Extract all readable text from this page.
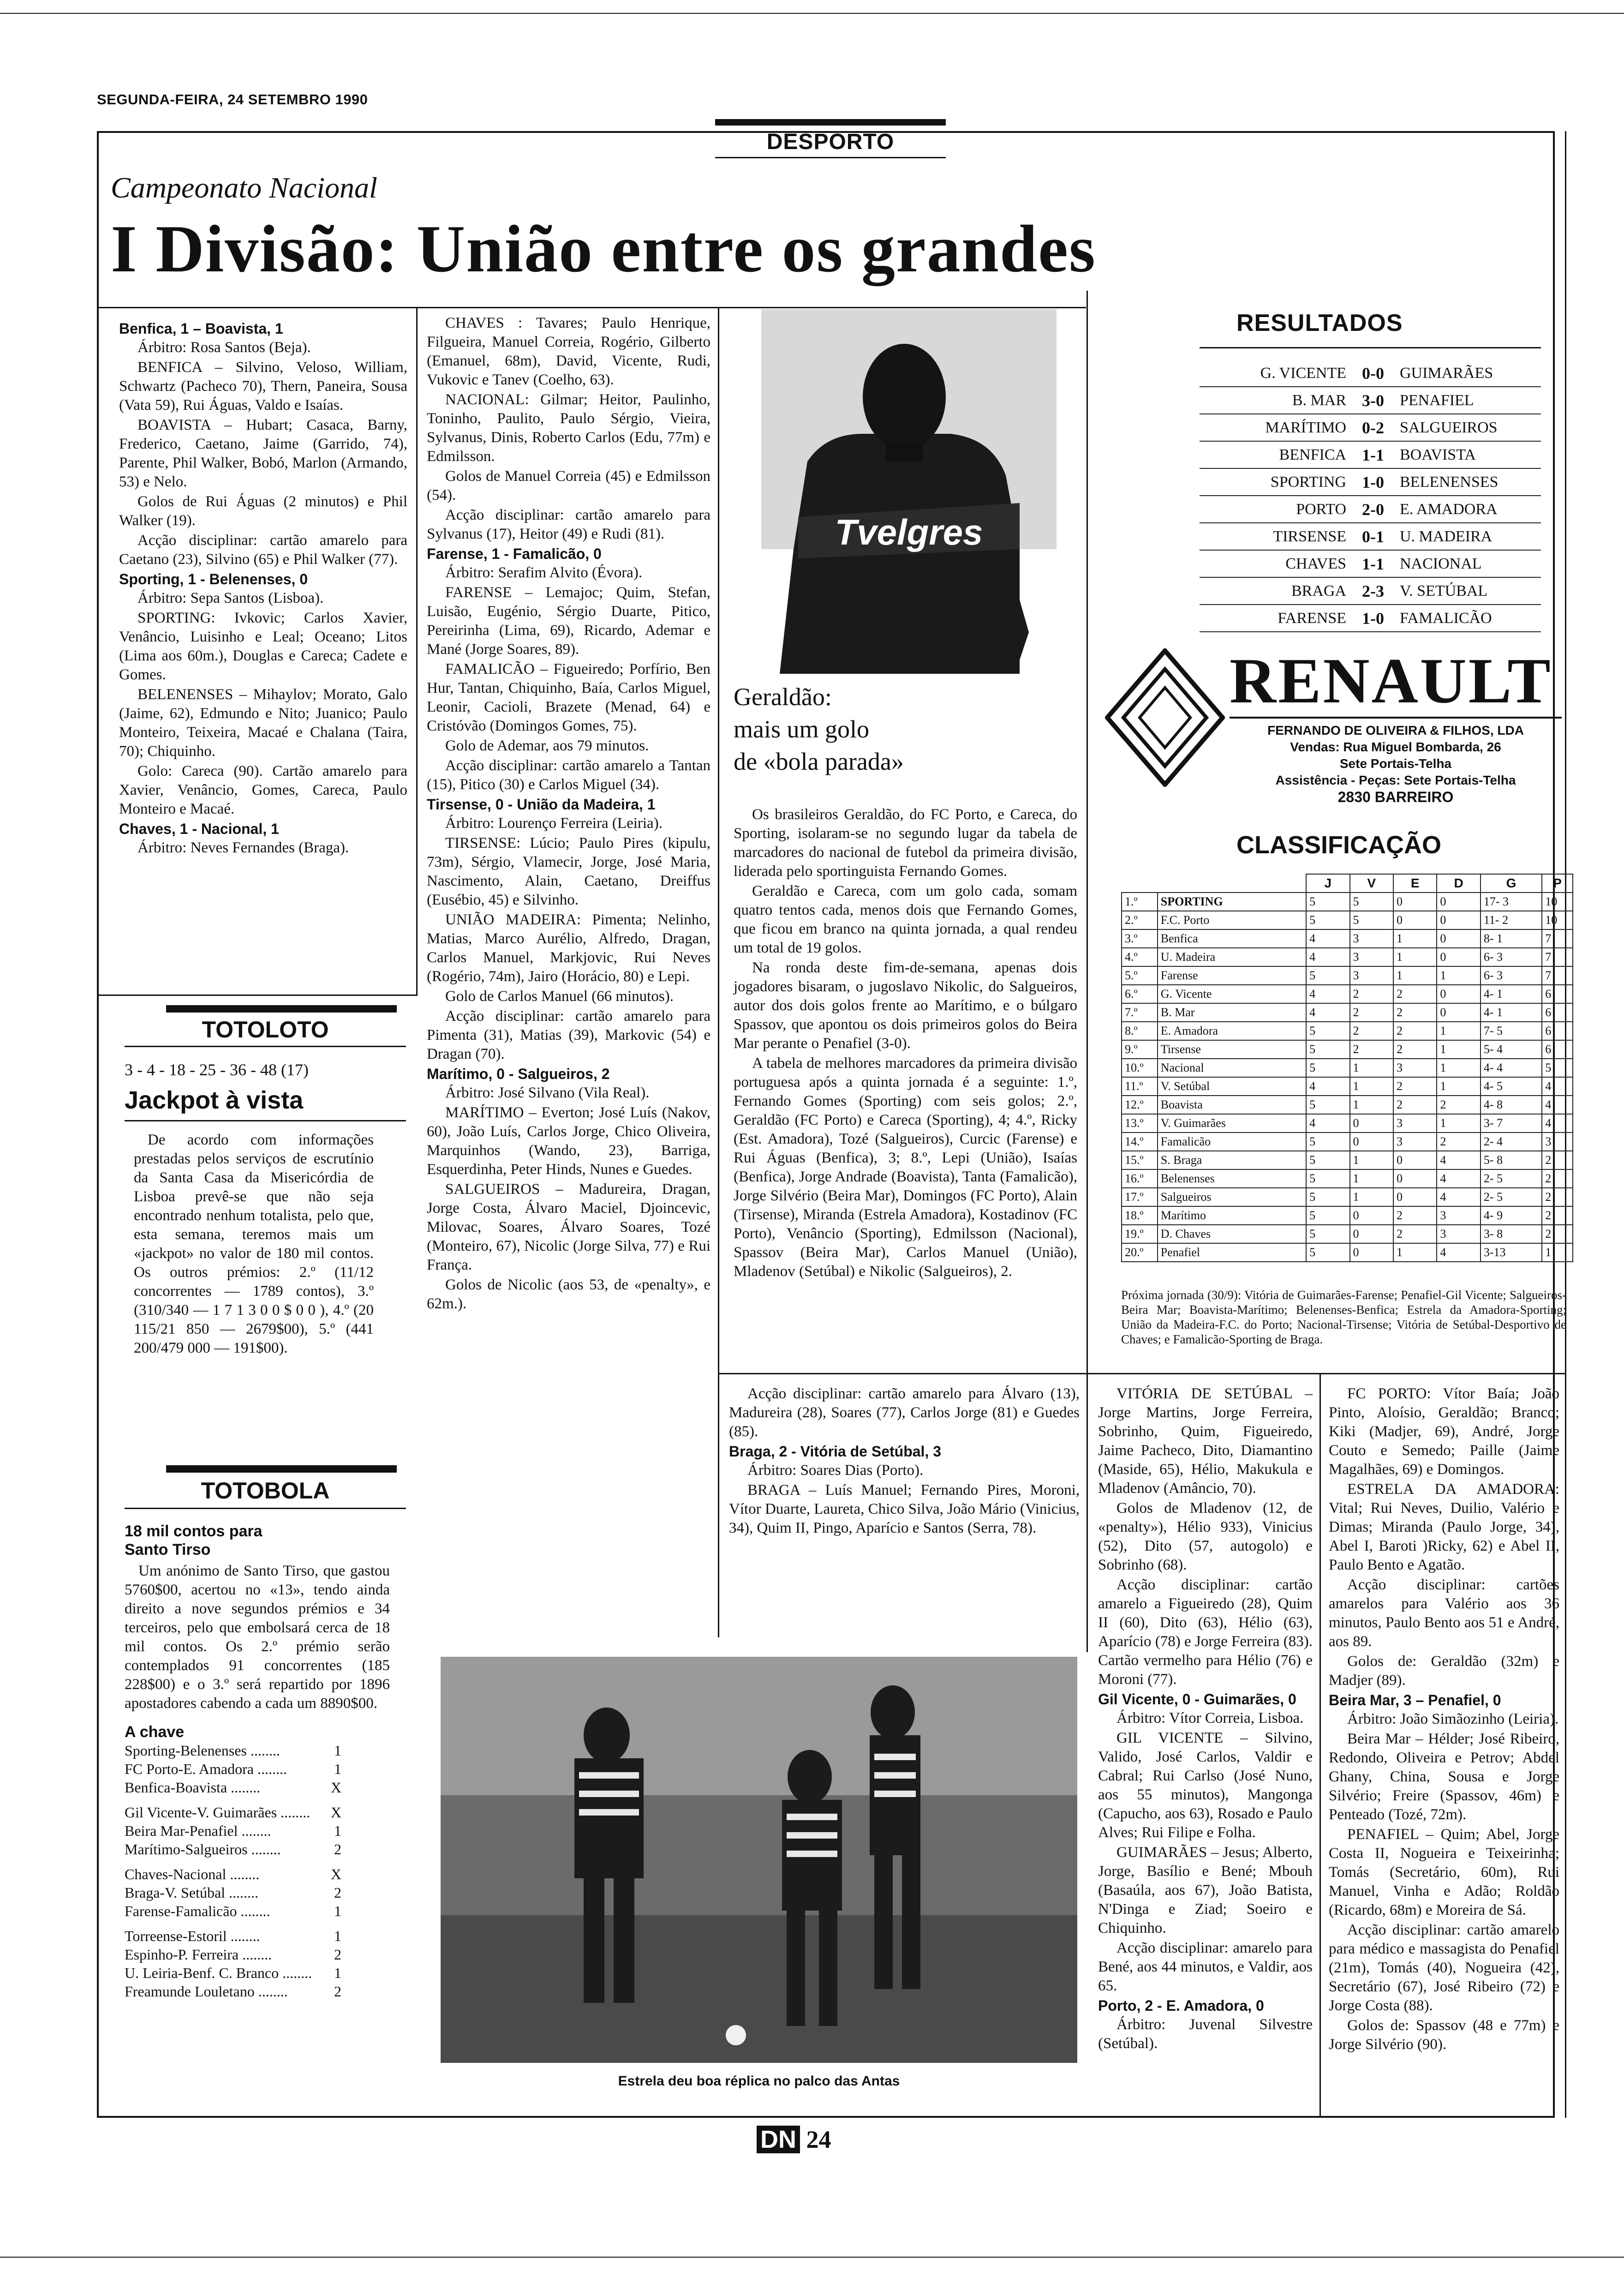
SEGUNDA-FEIRA, 24 SETEMBRO 1990
DESPORTO
Campeonato Nacional
I Divisão: União entre os grandes

Benfica, 1 – Boavista, 1

Árbitro: Rosa Santos (Beja).

BENFICA – Silvino, Veloso, William, Schwartz (Pacheco 70), Thern, Paneira, Sousa (Vata 59), Rui Águas, Valdo e Isaías.

BOAVISTA – Hubart; Casaca, Barny, Frederico, Caetano, Jaime (Garrido, 74), Parente, Phil Walker, Bobó, Marlon (Armando, 53) e Nelo.

Golos de Rui Águas (2 minutos) e Phil Walker (19).

Acção disciplinar: cartão amarelo para Caetano (23), Silvino (65) e Phil Walker (77).

Sporting, 1 - Belenenses, 0

Árbitro: Sepa Santos (Lisboa).

SPORTING: Ivkovic; Carlos Xavier, Venâncio, Luisinho e Leal; Oceano; Litos (Lima aos 60m.), Douglas e Careca; Cadete e Gomes.

BELENENSES – Mihaylov; Morato, Galo (Jaime, 62), Edmundo e Nito; Juanico; Paulo Monteiro, Teixeira, Macaé e Chalana (Taira, 70); Chiquinho.

Golo: Careca (90). Cartão amarelo para Xavier, Venâncio, Gomes, Careca, Paulo Monteiro e Macaé.

Chaves, 1 - Nacional, 1

Árbitro: Neves Fernandes (Braga).

TOTOLOTO
3 - 4 - 18 - 25 - 36 - 48 (17)
Jackpot à vista
De acordo com informações prestadas pelos serviços de escrutínio da Santa Casa da Misericórdia de Lisboa prevê-se que não seja encontrado nenhum totalista, pelo que, esta semana, teremos mais um «jackpot» no valor de 180 mil contos. Os outros prémios: 2.º (11/12 concorrentes — 1789 contos), 3.º (310/340 — 1 7 1 3 0 0 $ 0 0 ), 4.º (20 115/21 850 — 2679$00), 5.º (441 200/479 000 — 191$00).
TOTOBOLA
18 mil contos para Santo Tirso
Um anónimo de Santo Tirso, que gastou 5760$00, acertou no «13», tendo ainda direito a nove segundos prémios e 34 terceiros, pelo que embolsará cerca de 18 mil contos. Os 2.º prémio serão contemplados 91 concorrentes (185 228$00) e o 3.º será repartido por 1896 apostadores cabendo a cada um 8890$00.
A chave
Sporting-Belenenses ........	1
FC Porto-E. Amadora ........	1
Benfica-Boavista ........	X
Gil Vicente-V. Guimarães ........ X
Beira Mar-Penafiel ........	1
Marítimo-Salgueiros ........	2
Chaves-Nacional ........	X
Braga-V. Setúbal ........	2
Farense-Famalicão ........	1
Torreense-Estoril ........	1
Espinho-P. Ferreira ........	2
U. Leiria-Benf. C. Branco ........ 1
Freamunde Louletano ........	2

CHAVES : Tavares; Paulo Henrique, Filgueira, Manuel Correia, Rogério, Gilberto (Emanuel, 68m), David, Vicente, Rudi, Vukovic e Tanev (Coelho, 63).

NACIONAL: Gilmar; Heitor, Paulinho, Toninho, Paulito, Paulo Sérgio, Vieira, Sylvanus, Dinis, Roberto Carlos (Edu, 77m) e Edmilsson.

Golos de Manuel Correia (45) e Edmilsson (54).

Acção disciplinar: cartão amarelo para Sylvanus (17), Heitor (49) e Rudi (81).

Farense, 1 - Famalicão, 0

Árbitro: Serafim Alvito (Évora).

FARENSE – Lemajoc; Quim, Stefan, Luisão, Eugénio, Sérgio Duarte, Pitico, Pereirinha (Lima, 69), Ricardo, Ademar e Mané (Jorge Soares, 89).

FAMALICÃO – Figueiredo; Porfírio, Ben Hur, Tantan, Chiquinho, Baía, Carlos Miguel, Leonir, Cacioli, Brazete (Menad, 64) e Cristóvão (Domingos Gomes, 75).

Golo de Ademar, aos 79 minutos.

Acção disciplinar: cartão amarelo a Tantan (15), Pitico (30) e Carlos Miguel (34).

Tirsense, 0 - União da Madeira, 1

Árbitro: Lourenço Ferreira (Leiria).

TIRSENSE: Lúcio; Paulo Pires (kipulu, 73m), Sérgio, Vlamecir, Jorge, José Maria, Nascimento, Alain, Caetano, Dreiffus (Eusébio, 45) e Silvinho.

UNIÃO MADEIRA: Pimenta; Nelinho, Matias, Marco Aurélio, Alfredo, Dragan, Carlos Manuel, Markjovic, Rui Neves (Rogério, 74m), Jairo (Horácio, 80) e Lepi.

Golo de Carlos Manuel (66 minutos).

Acção disciplinar: cartão amarelo para Pimenta (31), Matias (39), Markovic (54) e Dragan (70).

Marítimo, 0 - Salgueiros, 2

Árbitro: José Silvano (Vila Real).

MARÍTIMO – Everton; José Luís (Nakov, 60), João Luís, Carlos Jorge, Chico Oliveira, Marquinhos (Wando, 23), Barriga, Esquerdinha, Peter Hinds, Nunes e Guedes.

SALGUEIROS – Madureira, Dragan, Jorge Costa, Álvaro Maciel, Djoincevic, Milovac, Soares, Álvaro Soares, Tozé (Monteiro, 67), Nicolic (Jorge Silva, 77) e Rui França.

Golos de Nicolic (aos 53, de «penalty», e 62m.).

Tvelgres
Geraldão:
mais um golo
de «bola parada»

Os brasileiros Geraldão, do FC Porto, e Careca, do Sporting, isolaram-se no segundo lugar da tabela de marcadores do nacional de futebol da primeira divisão, liderada pelo sportinguista Fernando Gomes.

Geraldão e Careca, com um golo cada, somam quatro tentos cada, menos dois que Fernando Gomes, que ficou em branco na quinta jornada, a qual rendeu um total de 19 golos.

Na ronda deste fim-de-semana, apenas dois jogadores bisaram, o jugoslavo Nikolic, do Salgueiros, autor dos dois golos frente ao Marítimo, e o búlgaro Spassov, que apontou os dois primeiros golos do Beira Mar perante o Penafiel (3-0).

A tabela de melhores marcadores da primeira divisão portuguesa após a quinta jornada é a seguinte: 1.º, Fernando Gomes (Sporting) com seis golos; 2.º, Geraldão (FC Porto) e Careca (Sporting), 4; 4.º, Ricky (Est. Amadora), Tozé (Salgueiros), Curcic (Farense) e Rui Águas (Benfica), 3; 8.º, Lepi (União), Isaías (Benfica), Jorge Andrade (Boavista), Tanta (Famalicão), Jorge Silvério (Beira Mar), Domingos (FC Porto), Alain (Tirsense), Miranda (Estrela Amadora), Kostadinov (FC Porto), Venâncio (Sporting), Edmilsson (Nacional), Spassov (Beira Mar), Carlos Manuel (União), Mladenov (Setúbal) e Nikolic (Salgueiros), 2.

RESULTADOS
G. VICENTE 0-0	GUIMARÃES
B. MAR 3-0	PENAFIEL
MARÍTIMO 0-2	SALGUEIROS
BENFICA 1-1	BOAVISTA
SPORTING 1-0	BELENENSES
PORTO 2-0	E. AMADORA
TIRSENSE 0-1	U. MADEIRA
CHAVES 1-1	NACIONAL
BRAGA 2-3	V. SETÚBAL
FARENSE 1-0	FAMALICÃO
RENAULT
FERNANDO DE OLIVEIRA & FILHOS, LDA
Vendas: Rua Miguel Bombarda, 26
Sete Portais-Telha
Assistência - Peças: Sete Portais-Telha
2830 BARREIRO
CLASSIFICAÇÃO
		J	V	E	D	G	P
1.º	SPORTING	5	5	0	0	17- 3	10
2.º	F.C. Porto	5	5	0	0	11- 2	10
3.º	Benfica	4	3	1	0	8- 1	7
4.º	U. Madeira	4	3	1	0	6- 3	7
5.º	Farense	5	3	1	1	6- 3	7
6.º	G. Vicente	4	2	2	0	4- 1	6
7.º	B. Mar	4	2	2	0	4- 1	6
8.º	E. Amadora	5	2	2	1	7- 5	6
9.º	Tirsense	5	2	2	1	5- 4	6
10.º	Nacional	5	1	3	1	4- 4	5
11.º	V. Setúbal	4	1	2	1	4- 5	4
12.º	Boavista	5	1	2	2	4- 8	4
13.º	V. Guimarães	4	0	3	1	3- 7	4
14.º	Famalicão	5	0	3	2	2- 4	3
15.º	S. Braga	5	1	0	4	5- 8	2
16.º	Belenenses	5	1	0	4	2- 5	2
17.º	Salgueiros	5	1	0	4	2- 5	2
18.º	Marítimo	5	0	2	3	4- 9	2
19.º	D. Chaves	5	0	2	3	3- 8	2
20.º	Penafiel	5	0	1	4	3-13	1
Próxima jornada (30/9): Vitória de Guimarães-Farense; Penafiel-Gil Vicente; Salgueiros-Beira Mar; Boavista-Marítimo; Belenenses-Benfica; Estrela da Amadora-Sporting; União da Madeira-F.C. do Porto; Nacional-Tirsense; Vitória de Setúbal-Desportivo de Chaves; e Famalicão-Sporting de Braga.

Acção disciplinar: cartão amarelo para Álvaro (13), Madureira (28), Soares (77), Carlos Jorge (81) e Guedes (85).

Braga, 2 - Vitória de Setúbal, 3

Árbitro: Soares Dias (Porto).

BRAGA – Luís Manuel; Fernando Pires, Moroni, Vítor Duarte, Laureta, Chico Silva, João Mário (Vinicius, 34), Quim II, Pingo, Aparício e Santos (Serra, 78).

VITÓRIA DE SETÚBAL – Jorge Martins, Jorge Ferreira, Sobrinho, Quim, Figueiredo, Jaime Pacheco, Dito, Diamantino (Maside, 65), Hélio, Makukula e Mladenov (Amâncio, 70).

Golos de Mladenov (12, de «penalty»), Hélio 933), Vinicius (52), Dito (57, autogolo) e Sobrinho (68).

Acção disciplinar: cartão amarelo a Figueiredo (28), Quim II (60), Dito (63), Hélio (63), Aparício (78) e Jorge Ferreira (83). Cartão vermelho para Hélio (76) e Moroni (77).

Gil Vicente, 0 - Guimarães, 0

Árbitro: Vítor Correia, Lisboa.

GIL VICENTE – Silvino, Valido, José Carlos, Valdir e Cabral; Rui Carlso (José Nuno, aos 55 minutos), Mangonga (Capucho, aos 63), Rosado e Paulo Alves; Rui Filipe e Folha.

GUIMARÃES – Jesus; Alberto, Jorge, Basílio e Bené; Mbouh (Basaúla, aos 67), João Batista, N'Dinga e Ziad; Soeiro e Chiquinho.

Acção disciplinar: amarelo para Bené, aos 44 minutos, e Valdir, aos 65.

Porto, 2 - E. Amadora, 0

Árbitro: Juvenal Silvestre (Setúbal).

FC PORTO: Vítor Baía; João Pinto, Aloísio, Geraldão; Branco; Kiki (Madjer, 69), André, Jorge Couto e Semedo; Paille (Jaime Magalhães, 69) e Domingos.

ESTRELA DA AMADORA: Vital; Rui Neves, Duilio, Valério e Dimas; Miranda (Paulo Jorge, 34), Abel I, Baroti )Ricky, 62) e Abel II, Paulo Bento e Agatão.

Acção disciplinar: cartões amarelos para Valério aos 36 minutos, Paulo Bento aos 51 e André, aos 89.

Golos de: Geraldão (32m) e Madjer (89).

Beira Mar, 3 – Penafiel, 0

Árbitro: João Simãozinho (Leiria).

Beira Mar – Hélder; José Ribeiro, Redondo, Oliveira e Petrov; Abdel Ghany, China, Sousa e Jorge Silvério; Freire (Spassov, 46m) e Penteado (Tozé, 72m).

PENAFIEL – Quim; Abel, Jorge Costa II, Nogueira e Teixeirinha; Tomás (Secretário, 60m), Rui Manuel, Vinha e Adão; Roldão (Ricardo, 68m) e Moreira de Sá.

Acção disciplinar: cartão amarelo para médico e massagista do Penafiel (21m), Tomás (40), Nogueira (42), Secretário (67), José Ribeiro (72) e Jorge Costa (88).

Golos de: Spassov (48 e 77m) e Jorge Silvério (90).

Estrela deu boa réplica no palco das Antas
DN 24
